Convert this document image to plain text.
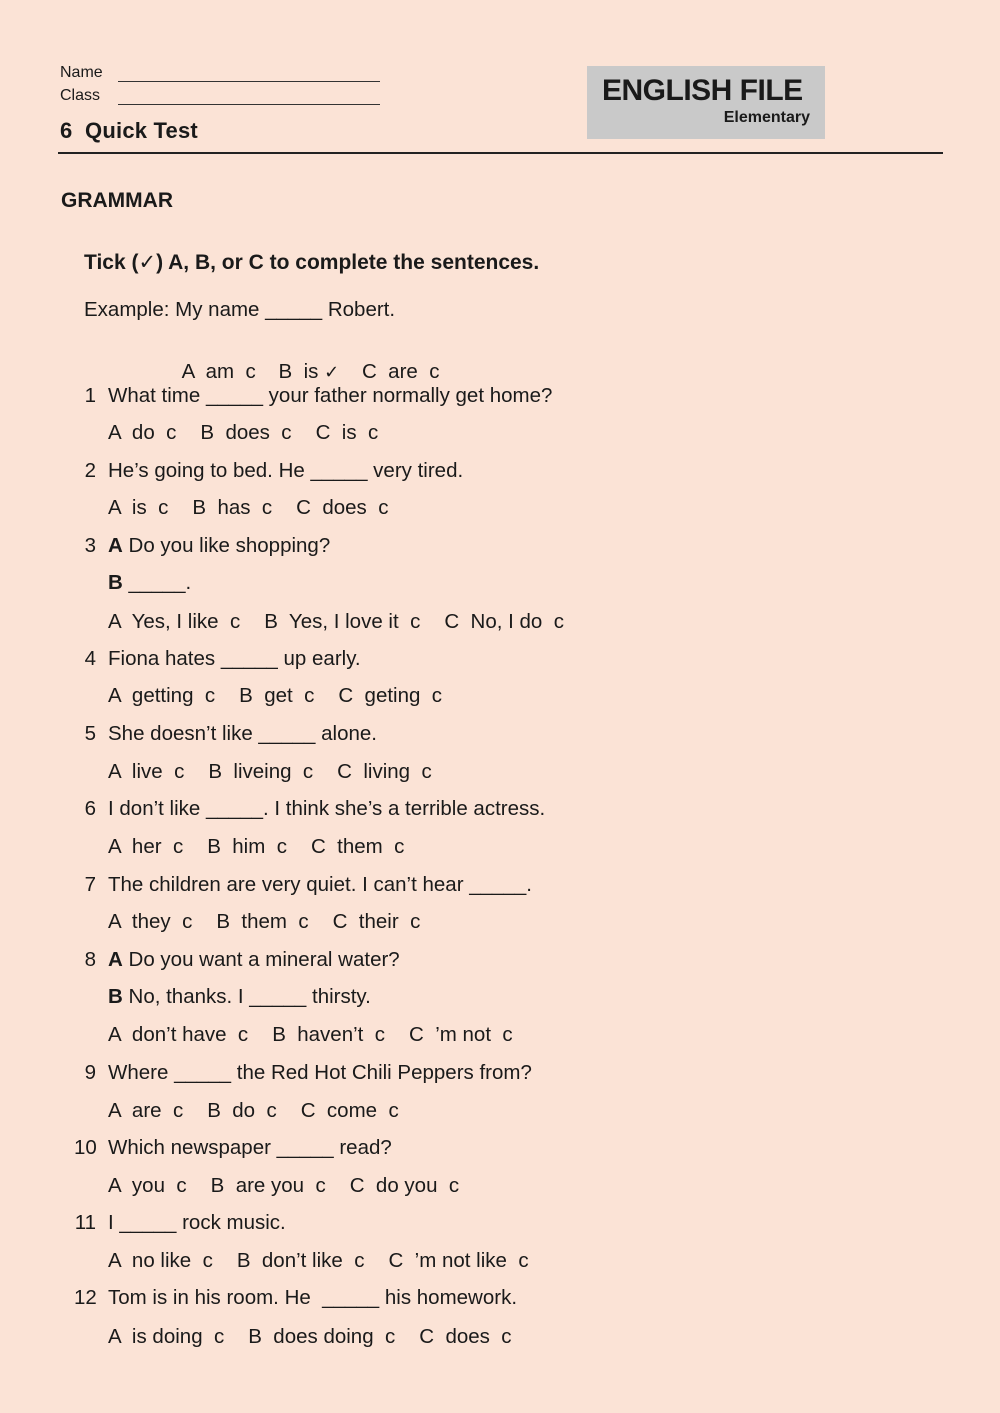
Name
Class
6  Quick Test
ENGLISH FILE
Elementary
GRAMMAR
Tick (✓) A, B, or C to complete the sentences.
Example: My name _____ Robert.

A  am  c B  is ✓ C  are  c

1 What time _____ your father normally get home?
A  do  c B  does  c C  is  c
2 He’s going to bed. He _____ very tired.
A  is  c B  has  c C  does  c
3 A Do you like shopping?
B _____.
A  Yes, I like  c B  Yes, I love it  c C  No, I do  c
4 Fiona hates _____ up early.
A  getting  c B  get  c C  geting  c
5 She doesn’t like _____ alone.
A  live  c B  liveing  c C  living  c
6 I don’t like _____. I think she’s a terrible actress.
A  her  c B  him  c C  them  c
7 The children are very quiet. I can’t hear _____.
A  they  c B  them  c C  their  c
8 A Do you want a mineral water?
B No, thanks. I _____ thirsty.
A  don’t have  c B  haven’t  c C  ’m not  c
9 Where _____ the Red Hot Chili Peppers from?
A  are  c B  do  c C  come  c
10 Which newspaper _____ read?
A  you  c B  are you  c C  do you  c
11 I _____ rock music.
A  no like  c B  don’t like  c C  ’m not like  c
12 Tom is in his room. He  _____ his homework.
A  is doing  c B  does doing  c C  does  c
